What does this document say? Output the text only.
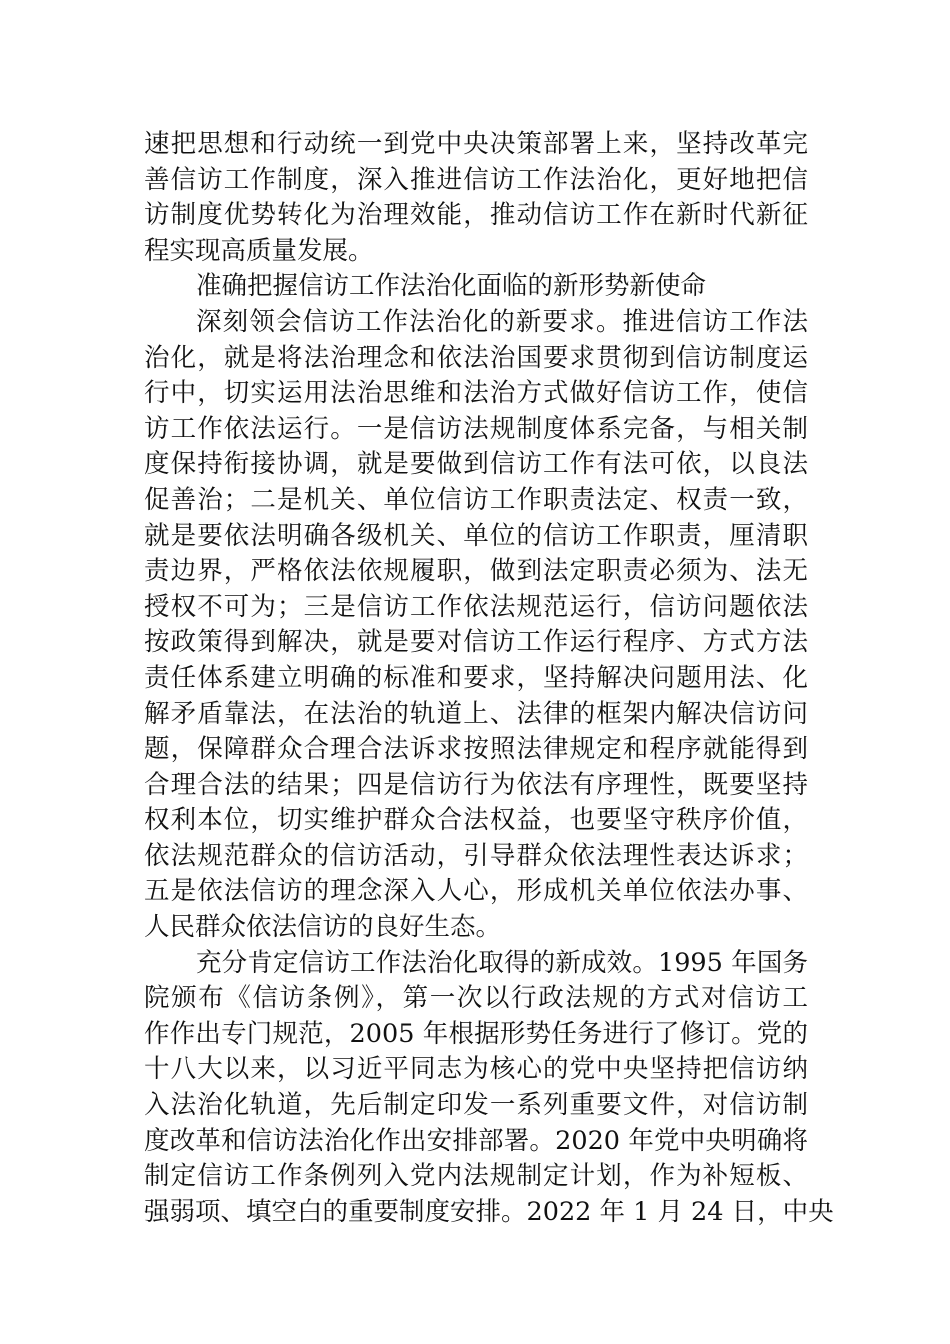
速把思想和行动统一到党中央决策部署上来，坚持改革完
善信访工作制度，深入推进信访工作法治化，更好地把信
访制度优势转化为治理效能，推动信访工作在新时代新征
程实现高质量发展。
准确把握信访工作法治化面临的新形势新使命
深刻领会信访工作法治化的新要求。推进信访工作法
治化，就是将法治理念和依法治国要求贯彻到信访制度运
行中，切实运用法治思维和法治方式做好信访工作，使信
访工作依法运行。一是信访法规制度体系完备，与相关制
度保持衔接协调，就是要做到信访工作有法可依，以良法
促善治；二是机关、单位信访工作职责法定、权责一致，
就是要依法明确各级机关、单位的信访工作职责，厘清职
责边界，严格依法依规履职，做到法定职责必须为、法无
授权不可为；三是信访工作依法规范运行，信访问题依法
按政策得到解决，就是要对信访工作运行程序、方式方法
责任体系建立明确的标准和要求，坚持解决问题用法、化
解矛盾靠法，在法治的轨道上、法律的框架内解决信访问
题，保障群众合理合法诉求按照法律规定和程序就能得到
合理合法的结果；四是信访行为依法有序理性，既要坚持
权利本位，切实维护群众合法权益，也要坚守秩序价值，
依法规范群众的信访活动，引导群众依法理性表达诉求；
五是依法信访的理念深入人心，形成机关单位依法办事、
人民群众依法信访的良好生态。
充分肯定信访工作法治化取得的新成效。1995 年国务
院颁布《信访条例》，第一次以行政法规的方式对信访工
作作出专门规范，2005 年根据形势任务进行了修订。党的
十八大以来，以习近平同志为核心的党中央坚持把信访纳
入法治化轨道，先后制定印发一系列重要文件，对信访制
度改革和信访法治化作出安排部署。2020 年党中央明确将
制定信访工作条例列入党内法规制定计划，作为补短板、
强弱项、填空白的重要制度安排。2022 年 1 月 24 日，中央
